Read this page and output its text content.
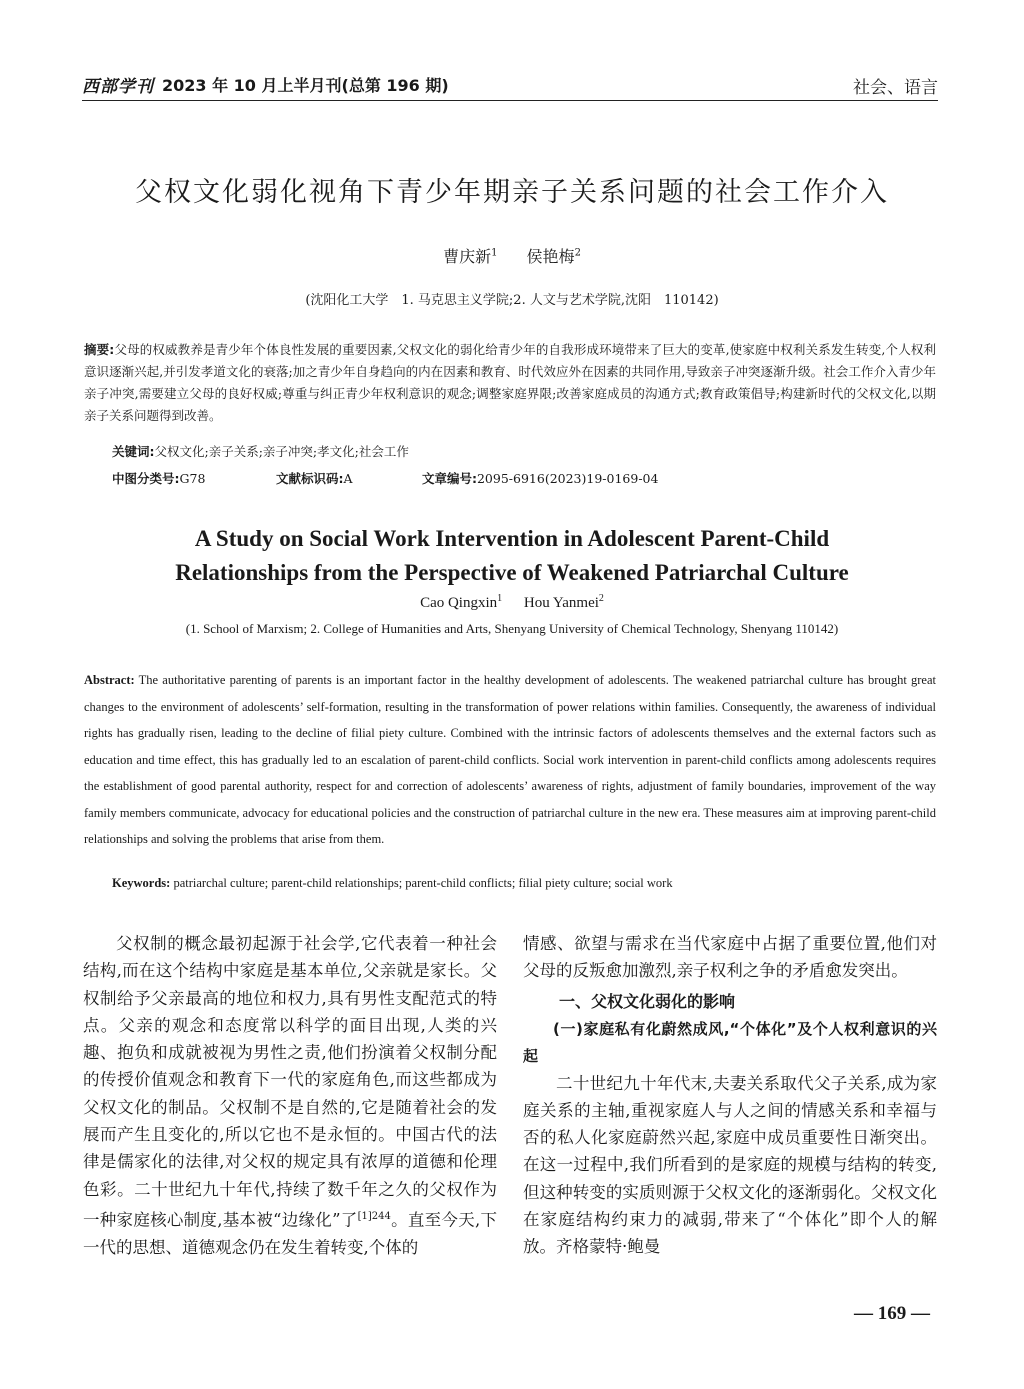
西部学刊 2023 年 10 月上半月刊(总第 196 期)	社会、语言
父权文化弱化视角下青少年期亲子关系问题的社会工作介入
曹庆新$^1$ 侯艳梅$^2$
(沈阳化工大学　1. 马克思主义学院;2. 人文与艺术学院,沈阳　110142)
摘要:父母的权威教养是青少年个体良性发展的重要因素,父权文化的弱化给青少年的自我形成环境带来了巨大的变革,使家庭中权利关系发生转变,个人权利意识逐渐兴起,并引发孝道文化的衰落;加之青少年自身趋向的内在因素和教育、时代效应外在因素的共同作用,导致亲子冲突逐渐升级。社会工作介入青少年亲子冲突,需要建立父母的良好权威;尊重与纠正青少年权利意识的观念;调整家庭界限;改善家庭成员的沟通方式;教育政策倡导;构建新时代的父权文化,以期亲子关系问题得到改善。
关键词:父权文化;亲子关系;亲子冲突;孝文化;社会工作
中图分类号:G78	文献标识码:A	文章编号:2095-6916(2023)19-0169-04
A Study on Social Work Intervention in Adolescent Parent-Child
Relationships from the Perspective of Weakened Patriarchal Culture
Cao Qingxin$^1$ Hou Yanmei$^2$
(1. School of Marxism; 2. College of Humanities and Arts, Shenyang University of Chemical Technology, Shenyang 110142)
Abstract: The authoritative parenting of parents is an important factor in the healthy development of adolescents. The weakened patriarchal culture has brought great changes to the environment of adolescents’ self-formation, resulting in the transformation of power relations within families. Consequently, the awareness of individual rights has gradually risen, leading to the decline of filial piety culture. Combined with the intrinsic factors of adolescents themselves and the external factors such as education and time effect, this has gradually led to an escalation of parent-child conflicts. Social work intervention in parent-child conflicts among adolescents requires the establishment of good parental authority, respect for and correction of adolescents’ awareness of rights, adjustment of family boundaries, improvement of the way family members communicate, advocacy for educational policies and the construction of patriarchal culture in the new era. These measures aim at improving parent-child relationships and solving the problems that arise from them.
Keywords: patriarchal culture; parent-child relationships; parent-child conflicts; filial piety culture; social work

父权制的概念最初起源于社会学,它代表着一种社会结构,而在这个结构中家庭是基本单位,父亲就是家长。父权制给予父亲最高的地位和权力,具有男性支配范式的特点。父亲的观念和态度常以科学的面目出现,人类的兴趣、抱负和成就被视为男性之责,他们扮演着父权制分配的传授价值观念和教育下一代的家庭角色,而这些都成为父权文化的制品。父权制不是自然的,它是随着社会的发展而产生且变化的,所以它也不是永恒的。中国古代的法律是儒家化的法律,对父权的规定具有浓厚的道德和伦理色彩。二十世纪九十年代,持续了数千年之久的父权作为一种家庭核心制度,基本被“边缘化”了$^{[1]244}$。直至今天,下一代的思想、道德观念仍在发生着转变,个体的

情感、欲望与需求在当代家庭中占据了重要位置,他们对父母的反叛愈加激烈,亲子权利之争的矛盾愈发突出。

一、父权文化弱化的影响
(一)家庭私有化蔚然成风,“个体化”及个人权利意识的兴起

二十世纪九十年代末,夫妻关系取代父子关系,成为家庭关系的主轴,重视家庭人与人之间的情感关系和幸福与否的私人化家庭蔚然兴起,家庭中成员重要性日渐突出。在这一过程中,我们所看到的是家庭的规模与结构的转变,但这种转变的实质则源于父权文化的逐渐弱化。父权文化在家庭结构约束力的减弱,带来了“个体化”即个人的解放。齐格蒙特·鲍曼

— 169 —
